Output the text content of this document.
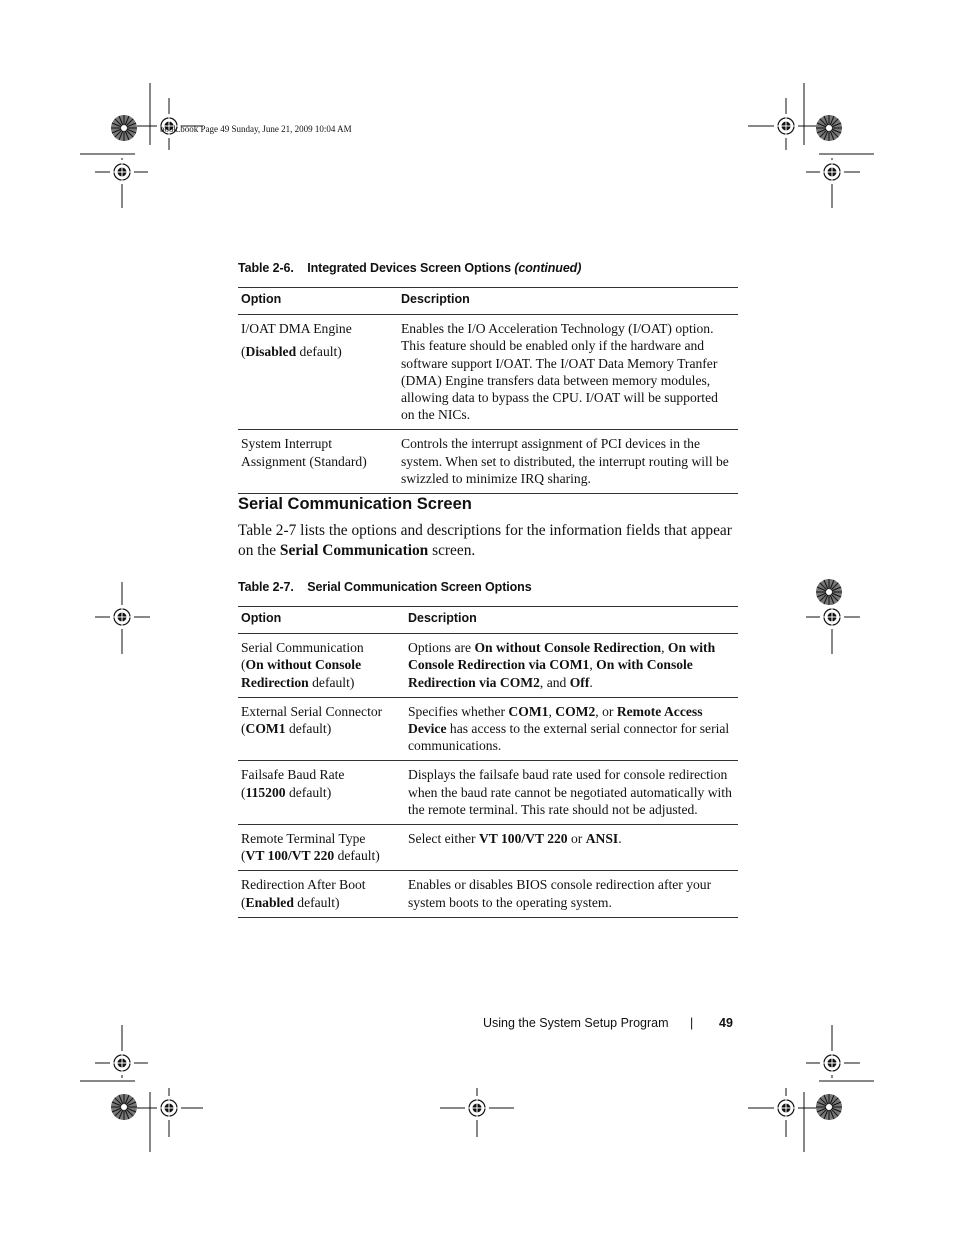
book.book Page 49 Sunday, June 21, 2009 10:04 AM
Table 2-6. Integrated Devices Screen Options (continued)
Option	Description
I/OAT DMA Engine
(Disabled default)
Enables the I/O Acceleration Technology (I/OAT) option. This feature should be enabled only if the hardware and software support I/OAT. The I/OAT Data Memory Tranfer (DMA) Engine transfers data between memory modules, allowing data to bypass the CPU. I/OAT will be supported on the NICs.
System Interrupt Assignment (Standard)
Controls the interrupt assignment of PCI devices in the system. When set to distributed, the interrupt routing will be swizzled to minimize IRQ sharing.
Serial Communication Screen
Table 2-7 lists the options and descriptions for the information fields that appear on the Serial Communication screen.
Table 2-7. Serial Communication Screen Options
Option	Description
Serial Communication
(On without Console Redirection default)
Options are On without Console Redirection, On with Console Redirection via COM1, On with Console Redirection via COM2, and Off.
External Serial Connector
(COM1 default)
Specifies whether COM1, COM2, or Remote Access Device has access to the external serial connector for serial communications.
Failsafe Baud Rate
(115200 default)
Displays the failsafe baud rate used for console redirection when the baud rate cannot be negotiated automatically with the remote terminal. This rate should not be adjusted.
Remote Terminal Type
(VT 100/VT 220 default)
Select either VT 100/VT 220 or ANSI.
Redirection After Boot
(Enabled default)
Enables or disables BIOS console redirection after your system boots to the operating system.
Using the System Setup Program | 49
